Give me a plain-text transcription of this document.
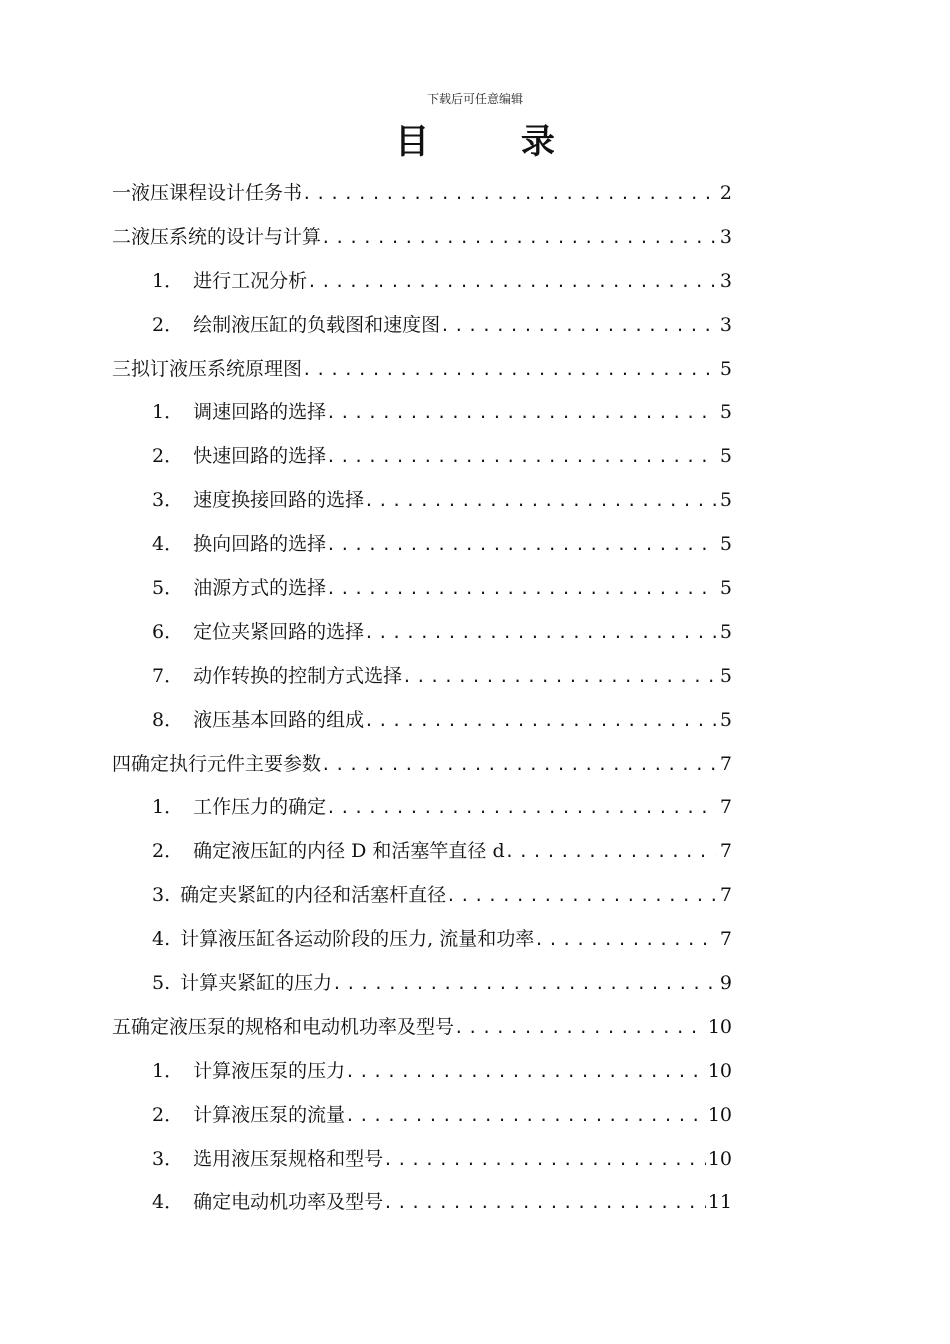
下载后可任意编辑
目 录
一 液压课程设计任务书 .....	2
二 液压系统的设计与计算 .....	3
1． 进行工况分析 .....	3
2． 绘制液压缸的负载图和速度图 .....	3
三 拟订液压系统原理图 .....	5
1． 调速回路的选择 .....	5
2． 快速回路的选择 .....	5
3． 速度换接回路的选择 .....	5
4． 换向回路的选择 .....	5
5． 油源方式的选择 .....	5
6． 定位夹紧回路的选择 .....	5
7． 动作转换的控制方式选择 .....	5
8． 液压基本回路的组成 .....	5
四 确定执行元件主要参数 .....	7
1． 工作压力的确定 .....	7
2． 确定液压缸的内径 D 和活塞竿直径 d .....	7
3. 确定夹紧缸的内径和活塞杆直径 .....	7
4. 计算液压缸各运动阶段的压力, 流量和功率 .....	7
5. 计算夹紧缸的压力 .....	9
五 确定液压泵的规格和电动机功率及型号 .....	10
1． 计算液压泵的压力 .....	10
2． 计算液压泵的流量 .....	10
3． 选用液压泵规格和型号 .....	10
4． 确定电动机功率及型号 .....	11
